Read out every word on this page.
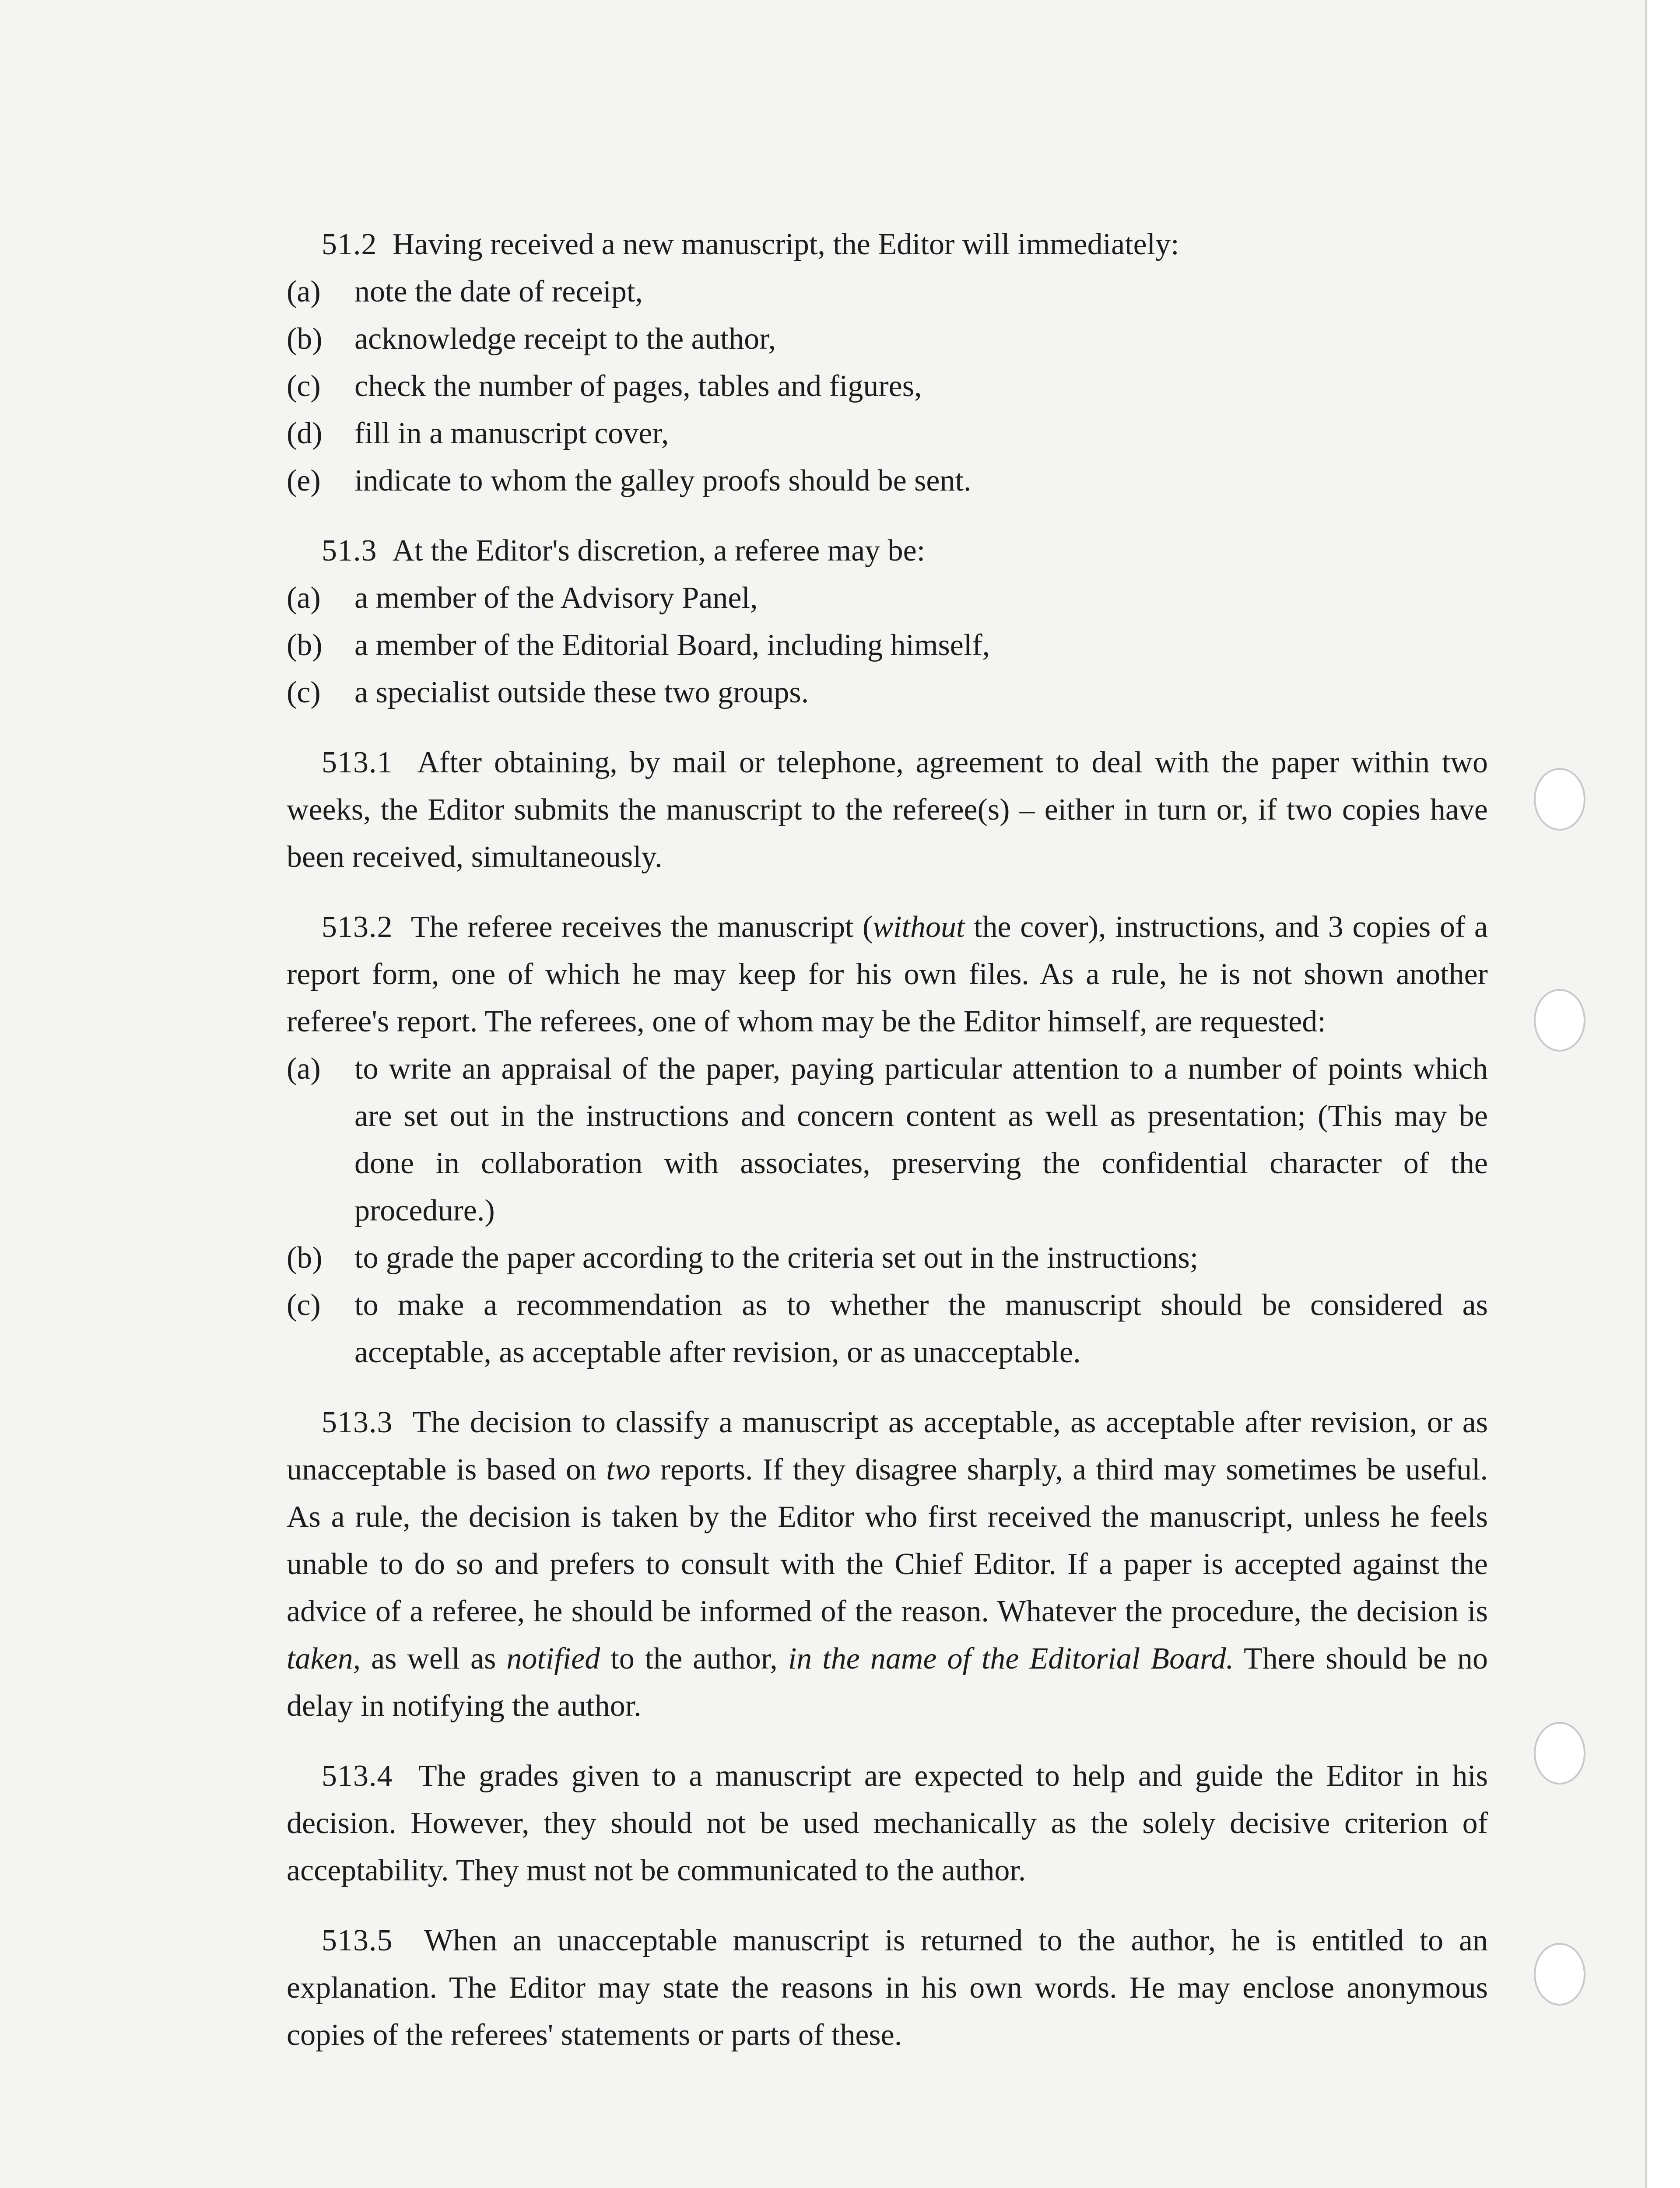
51.2 Having received a new manuscript, the Editor will immediately:

(a)	note the date of receipt,
(b)	acknowledge receipt to the author,
(c)	check the number of pages, tables and figures,
(d)	fill in a manuscript cover,
(e)	indicate to whom the galley proofs should be sent.

51.3 At the Editor's discretion, a referee may be:

(a)	a member of the Advisory Panel,
(b)	a member of the Editorial Board, including himself,
(c)	a specialist outside these two groups.

513.1 After obtaining, by mail or telephone, agreement to deal with the paper within two weeks, the Editor submits the manuscript to the referee(s) – either in turn or, if two copies have been received, simultaneously.

513.2 The referee receives the manuscript (without the cover), instructions, and 3 copies of a report form, one of which he may keep for his own files. As a rule, he is not shown another referee's report. The referees, one of whom may be the Editor himself, are requested:

(a)	to write an appraisal of the paper, paying particular attention to a number of points which are set out in the instructions and concern content as well as presentation; (This may be done in collaboration with associates, preserving the confidential character of the procedure.)
(b)	to grade the paper according to the criteria set out in the instructions;
(c)	to make a recommendation as to whether the manuscript should be considered as acceptable, as acceptable after revision, or as unacceptable.

513.3 The decision to classify a manuscript as acceptable, as acceptable after revision, or as unacceptable is based on two reports. If they disagree sharply, a third may sometimes be useful. As a rule, the decision is taken by the Editor who first received the manuscript, unless he feels unable to do so and prefers to consult with the Chief Editor. If a paper is accepted against the advice of a referee, he should be informed of the reason. Whatever the procedure, the decision is taken, as well as notified to the author, in the name of the Editorial Board. There should be no delay in notifying the author.

513.4 The grades given to a manuscript are expected to help and guide the Editor in his decision. However, they should not be used mechanically as the solely decisive criterion of acceptability. They must not be communicated to the author.

513.5 When an unacceptable manuscript is returned to the author, he is entitled to an explanation. The Editor may state the reasons in his own words. He may enclose anonymous copies of the referees' statements or parts of these.
